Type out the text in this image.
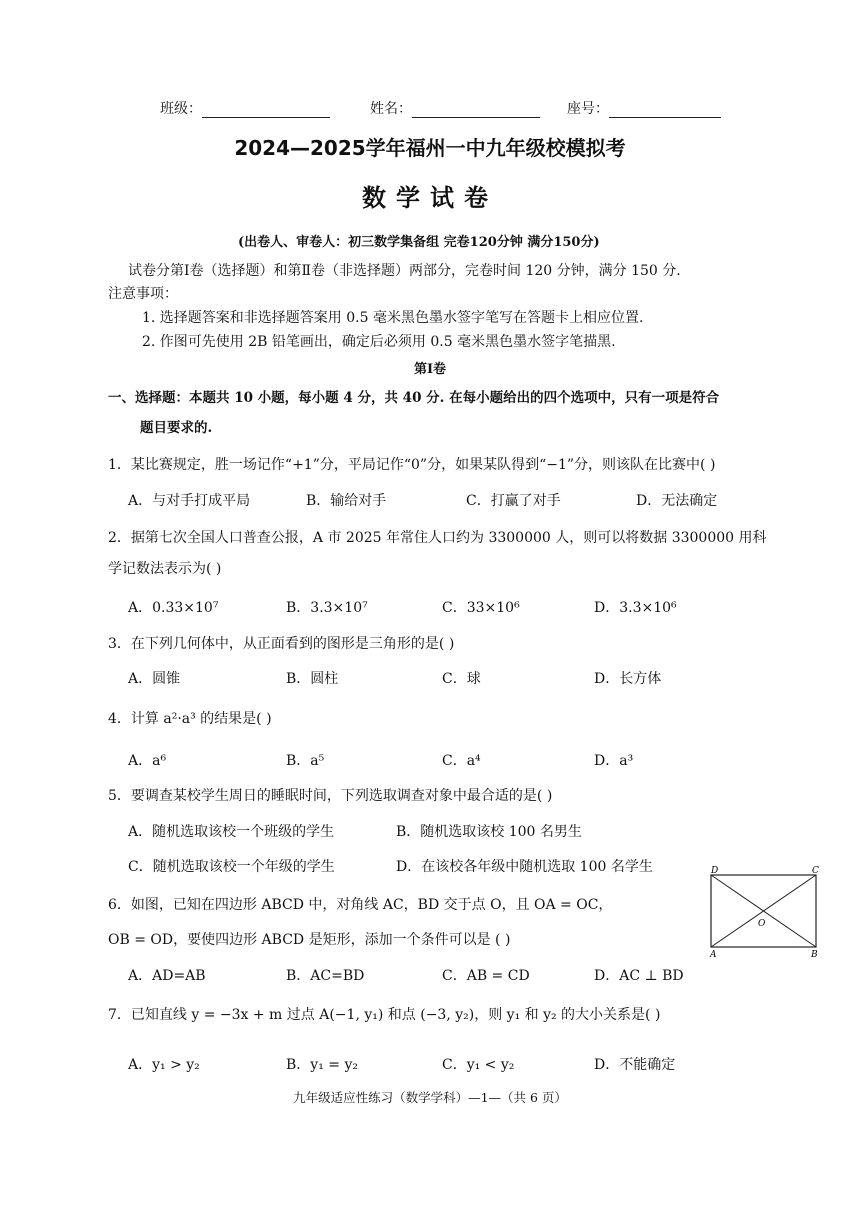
班级：	姓名：	座号：
2024—2025学年福州一中九年级校模拟考
数学试卷
(出卷人、审卷人：初三数学集备组 完卷120分钟 满分150分)
试卷分第Ⅰ卷（选择题）和第Ⅱ卷（非选择题）两部分，完卷时间 120 分钟，满分 150 分.
注意事项：
1. 选择题答案和非选择题答案用 0.5 毫米黑色墨水签字笔写在答题卡上相应位置.
2. 作图可先使用 2B 铅笔画出，确定后必须用 0.5 毫米黑色墨水签字笔描黑.
第Ⅰ卷
一、选择题：本题共 10 小题，每小题 4 分，共 40 分. 在每小题给出的四个选项中，只有一项是符合
题目要求的.
1．某比赛规定，胜一场记作“+1”分，平局记作“0”分，如果某队得到“−1”分，则该队在比赛中( )
A．与对手打成平局	B．输给对手	C．打赢了对手	D．无法确定
2．据第七次全国人口普查公报，A 市 2025 年常住人口约为 3300000 人，则可以将数据 3300000 用科
学记数法表示为( )
A．0.33×10⁷	B．3.3×10⁷	C．33×10⁶	D．3.3×10⁶
3．在下列几何体中，从正面看到的图形是三角形的是( )
A．圆锥	B．圆柱	C．球	D．长方体
4．计算 a²·a³ 的结果是( )
A．a⁶	B．a⁵	C．a⁴	D．a³
5．要调查某校学生周日的睡眠时间，下列选取调查对象中最合适的是( )
A．随机选取该校一个班级的学生	B．随机选取该校 100 名男生
C．随机选取该校一个年级的学生	D．在该校各年级中随机选取 100 名学生	D	C
A	B
O
6．如图，已知在四边形 ABCD 中，对角线 AC，BD 交于点 O，且 OA = OC，
OB = OD，要使四边形 ABCD 是矩形，添加一个条件可以是 ( )
A．AD=AB	B．AC=BD	C．AB = CD	D．AC ⊥ BD
7．已知直线 y = −3x + m 过点 A(−1, y₁) 和点 (−3, y₂)，则 y₁ 和 y₂ 的大小关系是( )
A．y₁ > y₂	B．y₁ = y₂	C．y₁ < y₂	D．不能确定
九年级适应性练习（数学学科）—1—（共 6 页）
